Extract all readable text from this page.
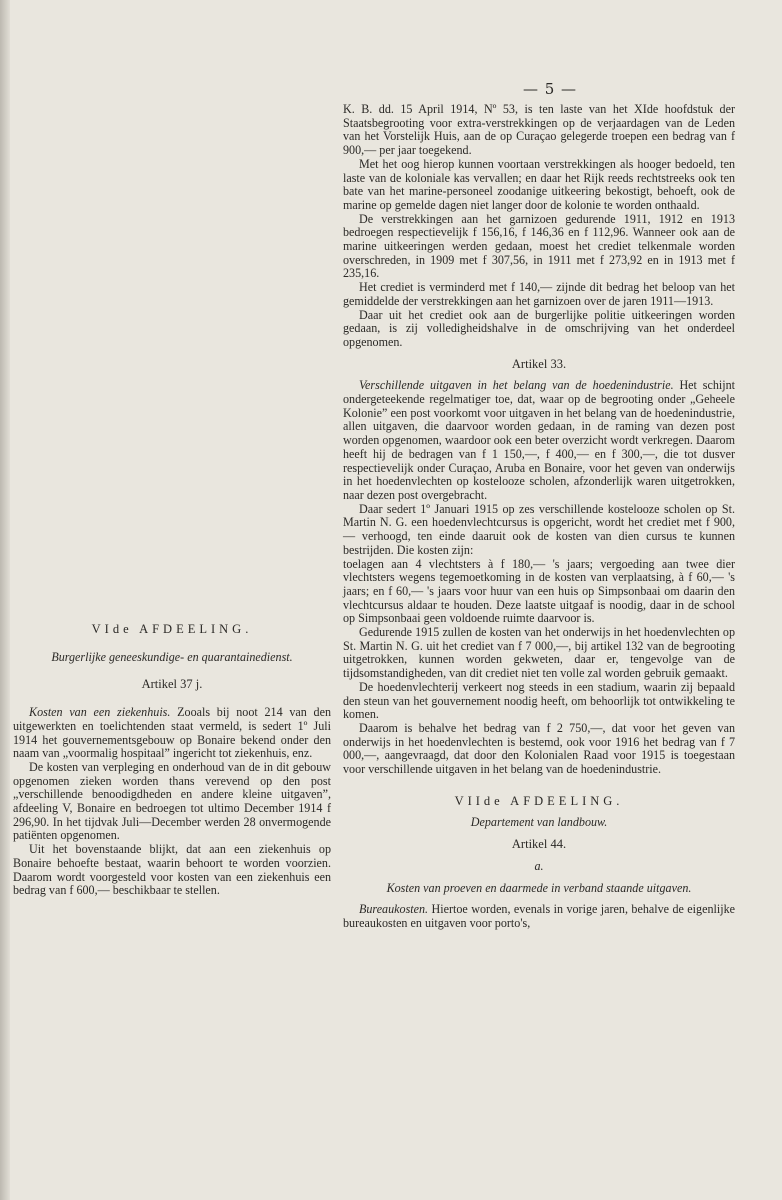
— 5 —

VIde AFDEELING.

Burgerlijke geneeskundige- en quarantainedienst.

Artikel 37 j.

Kosten van een ziekenhuis. Zooals bij noot 214 van den uitgewerkten en toelichtenden staat vermeld, is sedert 1º Juli 1914 het gouvernementsgebouw op Bonaire bekend onder den naam van „voormalig hospitaal” ingericht tot ziekenhuis, enz.

De kosten van verpleging en onderhoud van de in dit gebouw opgenomen zieken worden thans verevend op den post „verschillende benoodigdheden en andere kleine uitgaven”, afdeeling V, Bonaire en bedroegen tot ultimo December 1914 f 296,90. In het tijdvak Juli—December werden 28 onvermogende patiënten opgenomen.

Uit het bovenstaande blijkt, dat aan een ziekenhuis op Bonaire behoefte bestaat, waarin behoort te worden voorzien. Daarom wordt voorgesteld voor kosten van een ziekenhuis een bedrag van f 600,— beschikbaar te stellen.

K. B. dd. 15 April 1914, Nº 53, is ten laste van het XIde hoofdstuk der Staatsbegrooting voor extra-verstrekkingen op de verjaardagen van de Leden van het Vorstelijk Huis, aan de op Curaçao gelegerde troepen een bedrag van f 900,— per jaar toegekend.

Met het oog hierop kunnen voortaan verstrekkingen als hooger bedoeld, ten laste van de koloniale kas vervallen; en daar het Rijk reeds rechtstreeks ook ten bate van het marine-personeel zoodanige uitkeering bekostigt, behoeft, ook de marine op gemelde dagen niet langer door de kolonie te worden onthaald.

De verstrekkingen aan het garnizoen gedurende 1911, 1912 en 1913 bedroegen respectievelijk f 156,16, f 146,36 en f 112,96. Wanneer ook aan de marine uitkeeringen werden gedaan, moest het crediet telkenmale worden overschreden, in 1909 met f 307,56, in 1911 met f 273,92 en in 1913 met f 235,16.

Het crediet is verminderd met f 140,— zijnde dit bedrag het beloop van het gemiddelde der verstrekkingen aan het garnizoen over de jaren 1911—1913.

Daar uit het crediet ook aan de burgerlijke politie uitkeeringen worden gedaan, is zij volledigheidshalve in de omschrijving van het onderdeel opgenomen.

Artikel 33.

Verschillende uitgaven in het belang van de hoedenindustrie. Het schijnt ondergeteekende regelmatiger toe, dat, waar op de begrooting onder „Geheele Kolonie” een post voorkomt voor uitgaven in het belang van de hoedenindustrie, allen uitgaven, die daarvoor worden gedaan, in de raming van dezen post worden opgenomen, waardoor ook een beter overzicht wordt verkregen. Daarom heeft hij de bedragen van f 1 150,—, f 400,— en f 300,—, die tot dusver respectievelijk onder Curaçao, Aruba en Bonaire, voor het geven van onderwijs in het hoedenvlechten op kostelooze scholen, afzonderlijk waren uitgetrokken, naar dezen post overgebracht.

Daar sedert 1º Januari 1915 op zes verschillende kostelooze scholen op St. Martin N. G. een hoedenvlechtcursus is opgericht, wordt het crediet met f 900,— verhoogd, ten einde daaruit ook de kosten van dien cursus te kunnen bestrijden. Die kosten zijn:

toelagen aan 4 vlechtsters à f 180,— 's jaars; vergoeding aan twee dier vlechtsters wegens tegemoetkoming in de kosten van verplaatsing, à f 60,— 's jaars; en f 60,— 's jaars voor huur van een huis op Simpsonbaai om daarin den vlechtcursus aldaar te houden. Deze laatste uitgaaf is noodig, daar in de school op Simpsonbaai geen voldoende ruimte daarvoor is.

Gedurende 1915 zullen de kosten van het onderwijs in het hoedenvlechten op St. Martin N. G. uit het crediet van f 7 000,—, bij artikel 132 van de begrooting uitgetrokken, kunnen worden gekweten, daar er, tengevolge van de tijdsomstandigheden, van dit crediet niet ten volle zal worden gebruik gemaakt.

De hoedenvlechterij verkeert nog steeds in een stadium, waarin zij bepaald den steun van het gouvernement noodig heeft, om behoorlijk tot ontwikkeling te komen.

Daarom is behalve het bedrag van f 2 750,—, dat voor het geven van onderwijs in het hoedenvlechten is bestemd, ook voor 1916 het bedrag van f 7 000,—, aangevraagd, dat door den Kolonialen Raad voor 1915 is toegestaan voor verschillende uitgaven in het belang van de hoedenindustrie.

VIIde AFDEELING.

Departement van landbouw.

Artikel 44.

a.

Kosten van proeven en daarmede in verband staande uitgaven.

Bureaukosten. Hiertoe worden, evenals in vorige jaren, behalve de eigenlijke bureaukosten en uitgaven voor porto's,
